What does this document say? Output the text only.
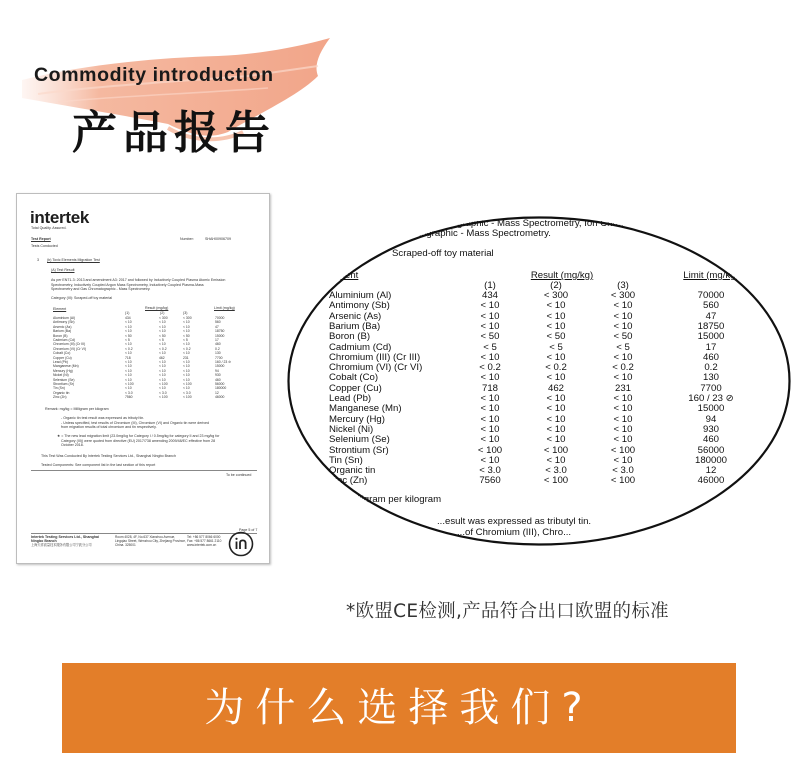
Commodity introduction
产品报告
intertek
Total Quality. Assured.
Test Report	Number:	SHAH00906709
Tests Conducted
3 (b) Toxic Elements Migration Test
(A) Test Result
As per EN71-3: 2013 and amendment A3: 2017 and followed by Inductively Coupled Plasma Atomic Emission
Spectrometry, Inductively Coupled Argon Mass Spectrometry, Inductively Coupled Plasma-Mass
Spectrometry and Gas Chromatographic - Mass Spectrometry.
Category (III): Scraped-off toy material
Element	Result (mg/kg)	Limit (mg/kg)
(1)	(2)	(3)
Remark: mg/kg = Milligram per kilogram
- Organic tin test result was expressed as tributyl tin.
- Unless specified, test results of Chromium (III), Chromium (VI) and Organic tin were derived
from migration results of total chromium and tin respectively.
★ = The new lead migration limit (23.0mg/kg for Category I / 0.5mg/kg for category II and 23 mg/kg for
Category (III)) were quoted from directive (EU) 2017/738 amending 2009/48/EC effective from 28
October 2018.
This Test Was Conducted By Intertek Testing Services Ltd., Shanghai Ningbo Branch
Tested Components: See component list in the last section of this report
To be continued
Page 5 of 7
Intertek Testing Services Ltd., Shanghai
Ningbo Branch
上海天祥质量技术服务有限公司宁波分公司
Room 4028, 4F, No.637 Xianzhou Avenue,
Lingqiao Street, Wenzhou City, Zhejiang Province,
China. 325001
Tel: +86 577 8066 6000
Fax: +86 577 8661 2110
www.intertek.com.cn
Aluminium (Al)	434	< 300	< 300	70000
Antimony (Sb)	< 10	< 10	< 10	560
Arsenic (As)	< 10	< 10	< 10	47
Barium (Ba)	< 10	< 10	< 10	18750
Boron (B)	< 50	< 50	< 50	15000
Cadmium (Cd)	< 5	< 5	< 5	17
Chromium (III) (Cr III)	< 10	< 10	< 10	460
Chromium (VI) (Cr VI)	< 0.2	< 0.2	< 0.2	0.2
Cobalt (Co)	< 10	< 10	< 10	130
Copper (Cu)	718	462	231	7700
Lead (Pb)	< 10	< 10	< 10	160 / 23 ⊘
Manganese (Mn)	< 10	< 10	< 10	15000
Mercury (Hg)	< 10	< 10	< 10	94
Nickel (Ni)	< 10	< 10	< 10	930
Selenium (Se)	< 10	< 10	< 10	460
Strontium (Sr)	< 100	< 100	< 100	56000
Tin (Sn)	< 10	< 10	< 10	180000
Organic tin	< 3.0	< 3.0	< 3.0	12
Zinc (Zn)	7560	< 100	< 100	46000
graphic - Mass Spectrometry, Ion Chro...
...atographic - Mass Spectrometry.
Scraped-off toy material
...ment	Result (mg/kg)	Limit (mg/kg)
(1)	(2)	(3)
= Milligram per kilogram
...esult was expressed as tributyl tin.
...of Chromium (III), Chro...
Aluminium (Al)	434	< 300	< 300	70000
Antimony (Sb)	< 10	< 10	< 10	560
Arsenic (As)	< 10	< 10	< 10	47
Barium (Ba)	< 10	< 10	< 10	18750
Boron (B)	< 50	< 50	< 50	15000
Cadmium (Cd)	< 5	< 5	< 5	17
Chromium (III) (Cr III)	< 10	< 10	< 10	460
Chromium (VI) (Cr VI)	< 0.2	< 0.2	< 0.2	0.2
Cobalt (Co)	< 10	< 10	< 10	130
Copper (Cu)	718	462	231	7700
Lead (Pb)	< 10	< 10	< 10	160 / 23 ⊘
Manganese (Mn)	< 10	< 10	< 10	15000
Mercury (Hg)	< 10	< 10	< 10	94
Nickel (Ni)	< 10	< 10	< 10	930
Selenium (Se)	< 10	< 10	< 10	460
Strontium (Sr)	< 100	< 100	< 100	56000
Tin (Sn)	< 10	< 10	< 10	180000
Organic tin	< 3.0	< 3.0	< 3.0	12
Zinc (Zn)	7560	< 100	< 100	46000
*欧盟CE检测,产品符合出口欧盟的标准
为什么选择我们?
